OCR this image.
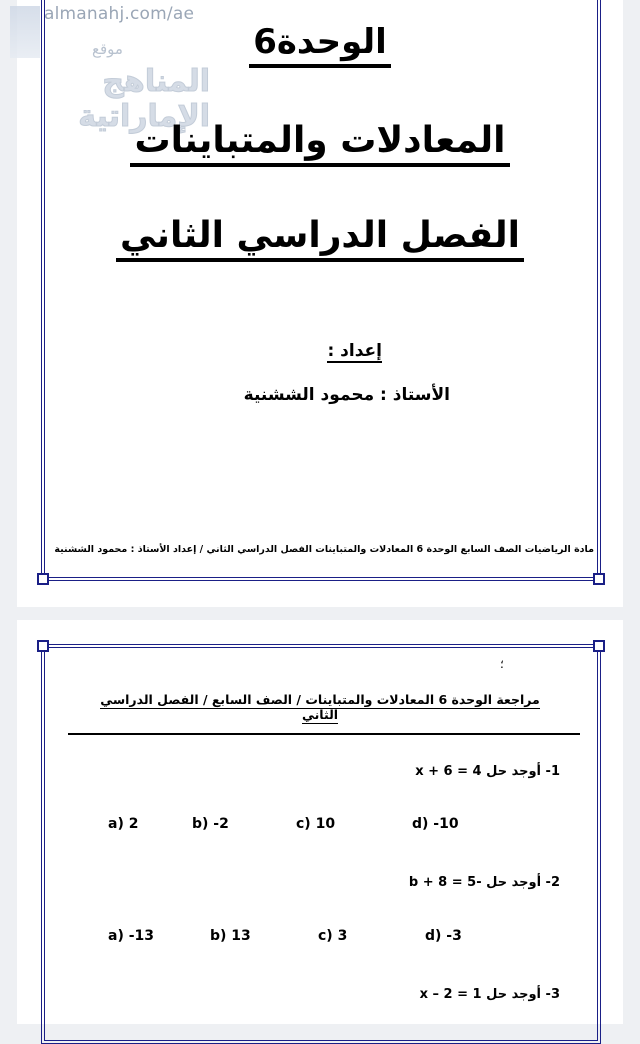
almanahj.com/ae
موقع
المناهج الإماراتية
الوحدة6
المعادلات والمتباينات
الفصل الدراسي الثاني
إعداد :
الأستاذ : محمود الششنية
مادة الرياضيات الصف السابع الوحدة 6 المعادلات والمتباينات الفصل الدراسي الثاني / إعداد الأستاذ : محمود الششنية
؛
مراجعة الوحدة 6 المعادلات والمتباينات / الصف السابع / الفصل الدراسي الثاني
1- أوجد حل x + 6 = 4
a) 2	b) -2	c) 10	d) -10
2- أوجد حل -5 = b + 8
a) -13	b) 13	c) 3	d) -3
3- أوجد حل x – 2 = 1
